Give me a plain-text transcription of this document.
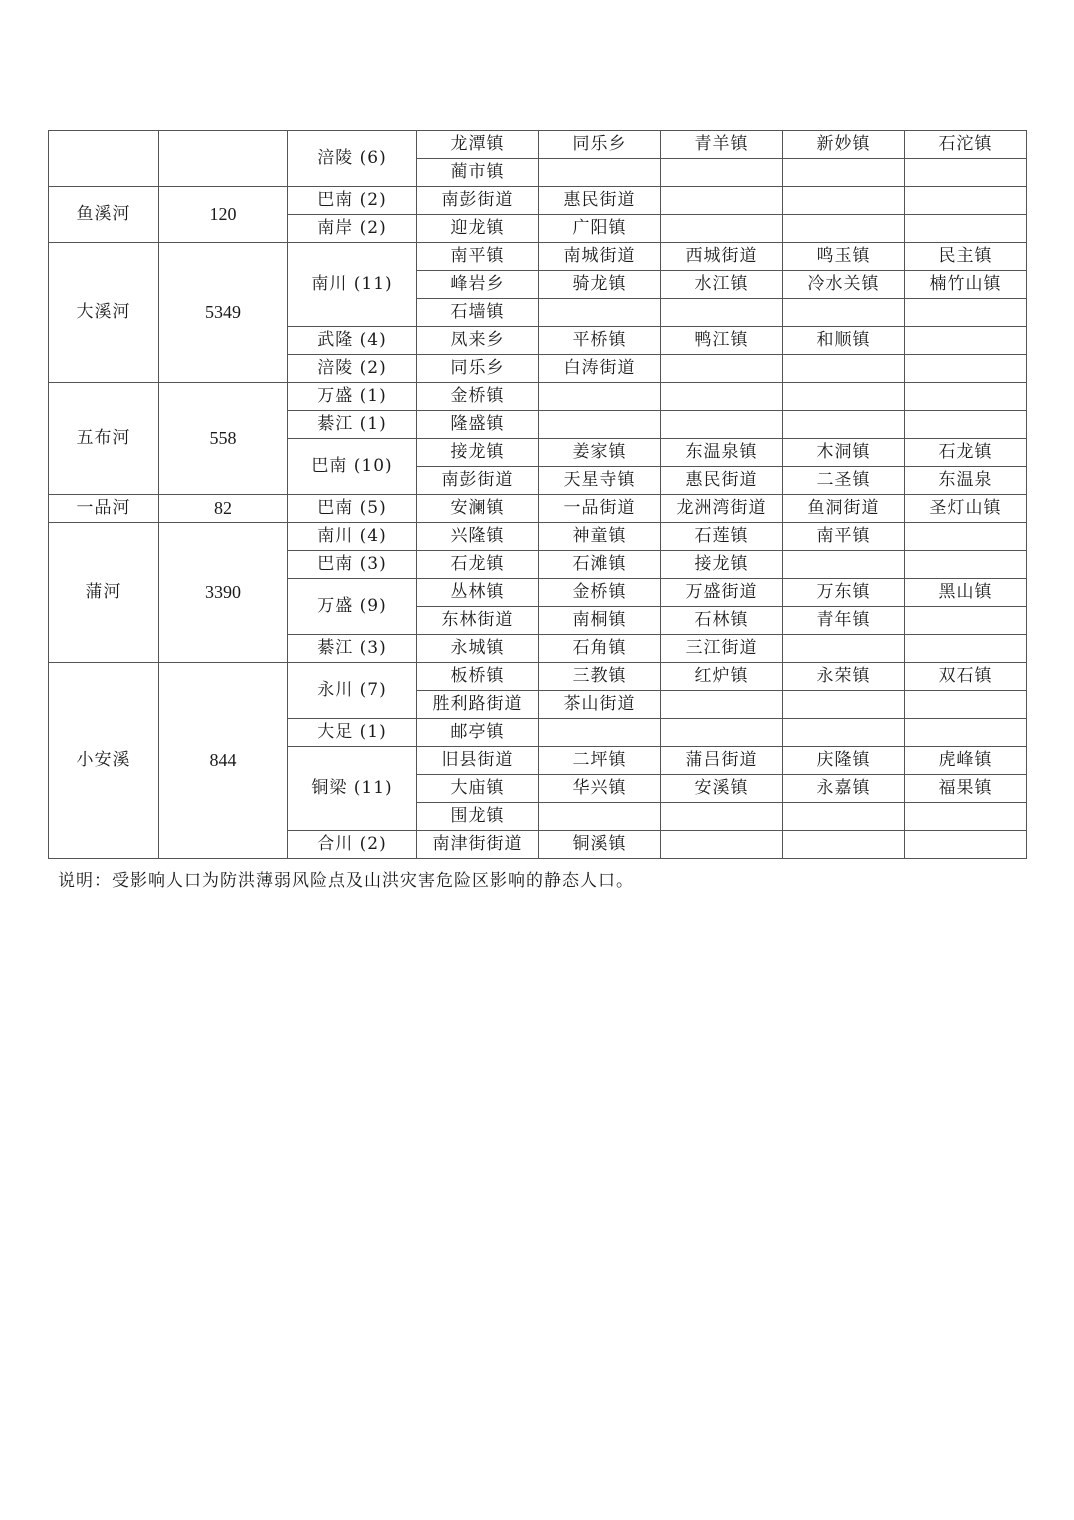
		涪陵 (6)	龙潭镇	同乐乡	青羊镇	新妙镇	石沱镇
			蔺市镇				
鱼溪河	120	巴南 (2)	南彭街道	惠民街道			
		南岸 (2)	迎龙镇	广阳镇			
大溪河	5349	南川 (11)	南平镇	南城街道	西城街道	鸣玉镇	民主镇
			峰岩乡	骑龙镇	水江镇	冷水关镇	楠竹山镇
			石墙镇				
		武隆 (4)	凤来乡	平桥镇	鸭江镇	和顺镇	
		涪陵 (2)	同乐乡	白涛街道			
五布河	558	万盛 (1)	金桥镇				
		綦江 (1)	隆盛镇				
		巴南 (10)	接龙镇	姜家镇	东温泉镇	木洞镇	石龙镇
			南彭街道	天星寺镇	惠民街道	二圣镇	东温泉
一品河	82	巴南 (5)	安澜镇	一品街道	龙洲湾街道	鱼洞街道	圣灯山镇
蒲河	3390	南川 (4)	兴隆镇	神童镇	石莲镇	南平镇	
		巴南 (3)	石龙镇	石滩镇	接龙镇		
		万盛 (9)	丛林镇	金桥镇	万盛街道	万东镇	黑山镇
			东林街道	南桐镇	石林镇	青年镇	
		綦江 (3)	永城镇	石角镇	三江街道		
小安溪	844	永川 (7)	板桥镇	三教镇	红炉镇	永荣镇	双石镇
			胜利路街道	茶山街道			
		大足 (1)	邮亭镇				
		铜梁 (11)	旧县街道	二坪镇	蒲吕街道	庆隆镇	虎峰镇
			大庙镇	华兴镇	安溪镇	永嘉镇	福果镇
			围龙镇				
		合川 (2)	南津街街道	铜溪镇			
说明：受影响人口为防洪薄弱风险点及山洪灾害危险区影响的静态人口。
